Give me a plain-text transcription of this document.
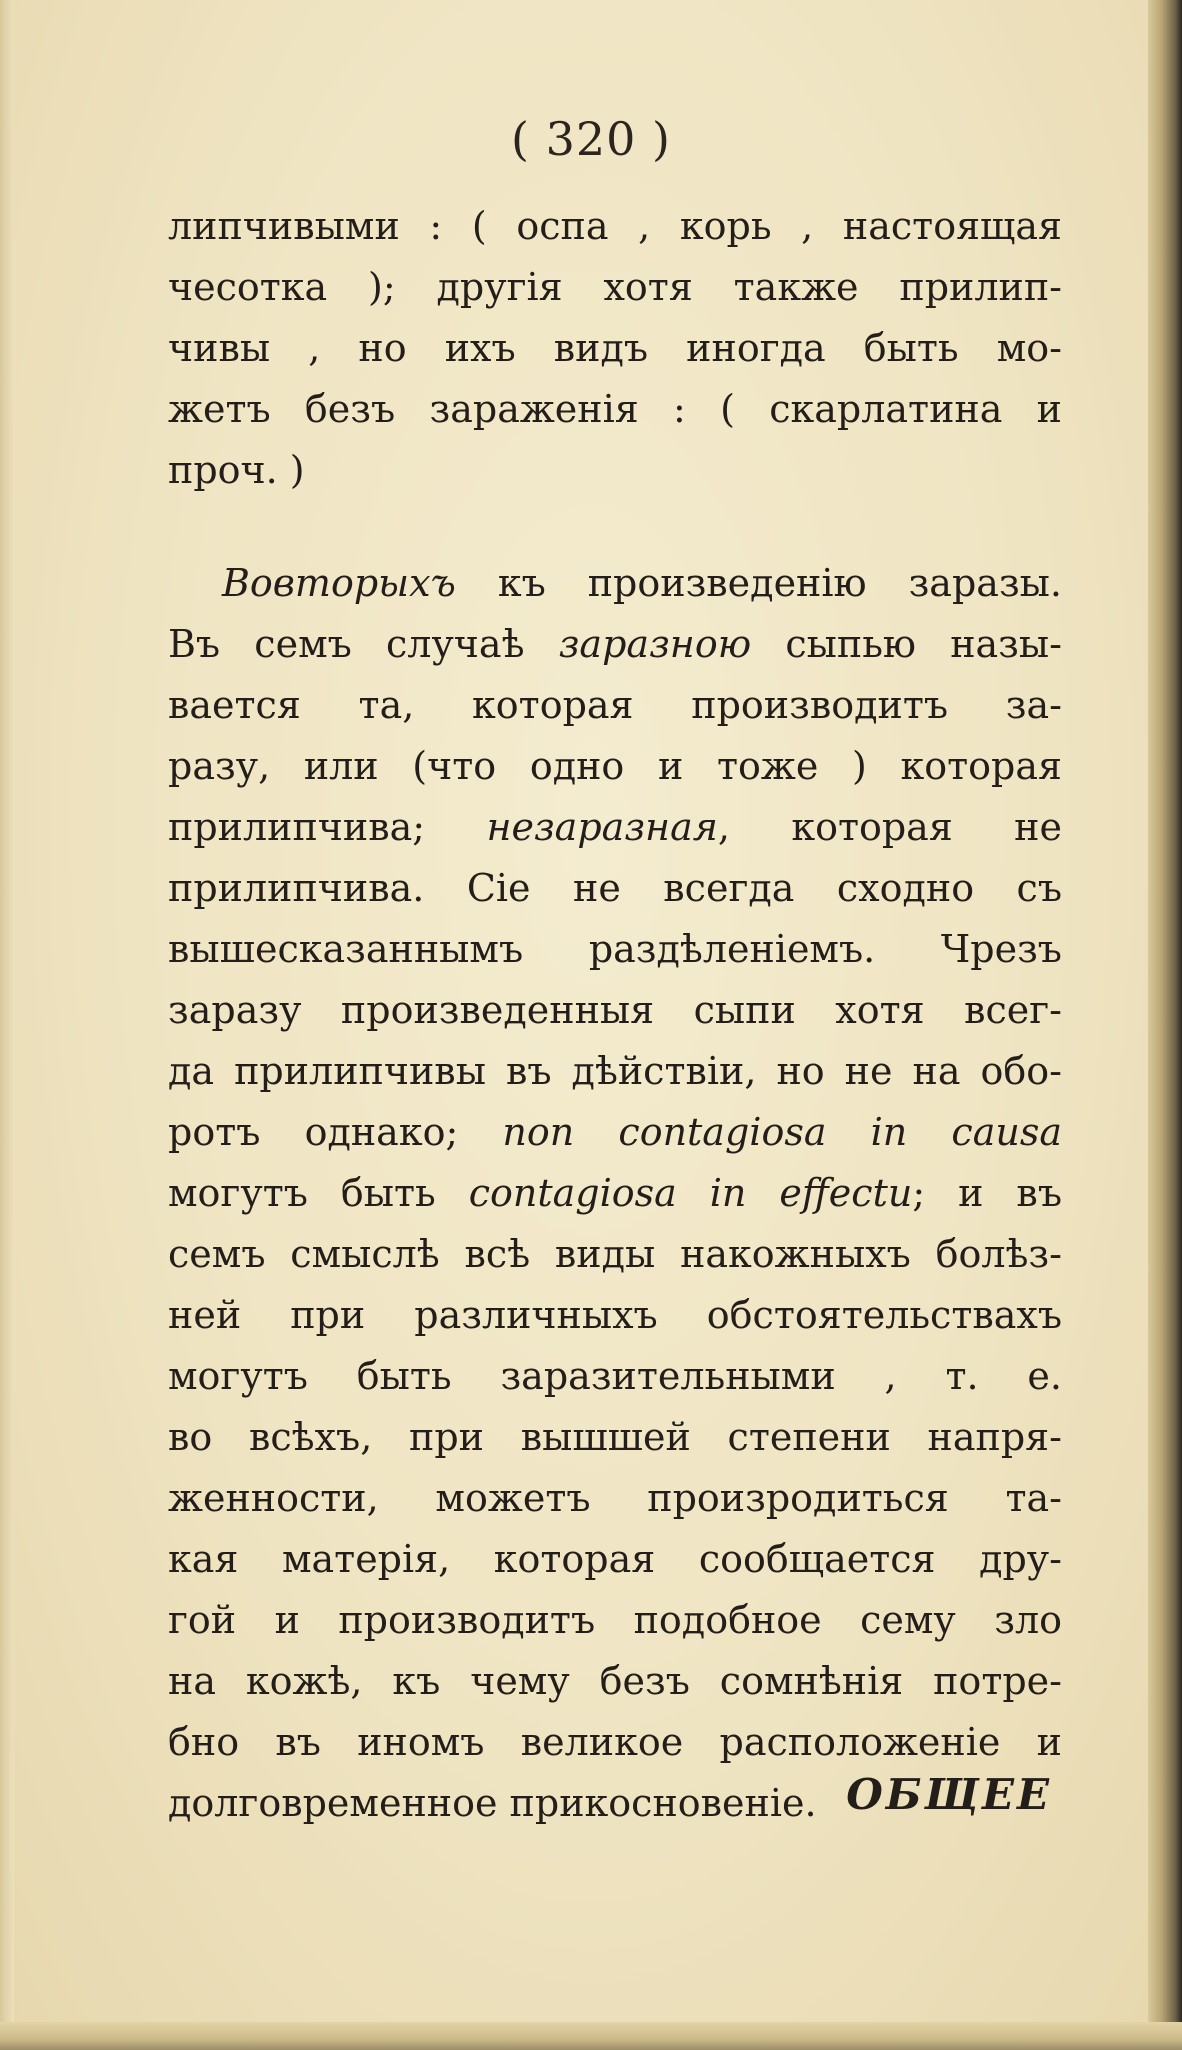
( 320 )
липчивыми : ( оспа , корь , настоящая
чесотка ); другія хотя также прилип-
чивы , но ихъ видъ иногда быть мо-
жетъ безъ зараженія : ( скарлатина и
проч. )
Вовторыхъ къ произведенію заразы.
Въ семъ случаѣ заразною сыпью назы-
вается та, которая производитъ за-
разу, или (что одно и тоже ) которая
прилипчива; незаразная, которая не
прилипчива. Сіе не всегда сходно съ
вышесказаннымъ раздѣленіемъ. Чрезъ
заразу произведенныя сыпи хотя всег-
да прилипчивы въ дѣйствіи, но не на обо-
ротъ однако; non contagiosa in causa
могутъ быть contagiosa in effectu; и въ
семъ смыслѣ всѣ виды накожныхъ болѣз-
ней при различныхъ обстоятельствахъ
могутъ быть заразительными , т. е.
во всѣхъ, при вышшей степени напря-
женности, можетъ произродиться та-
кая матерія, которая сообщается дру-
гой и производитъ подобное сему зло
на кожѣ, къ чему безъ сомнѣнія потре-
бно въ иномъ великое расположеніе и
долговременное прикосновеніе. ОБЩЕЕ
